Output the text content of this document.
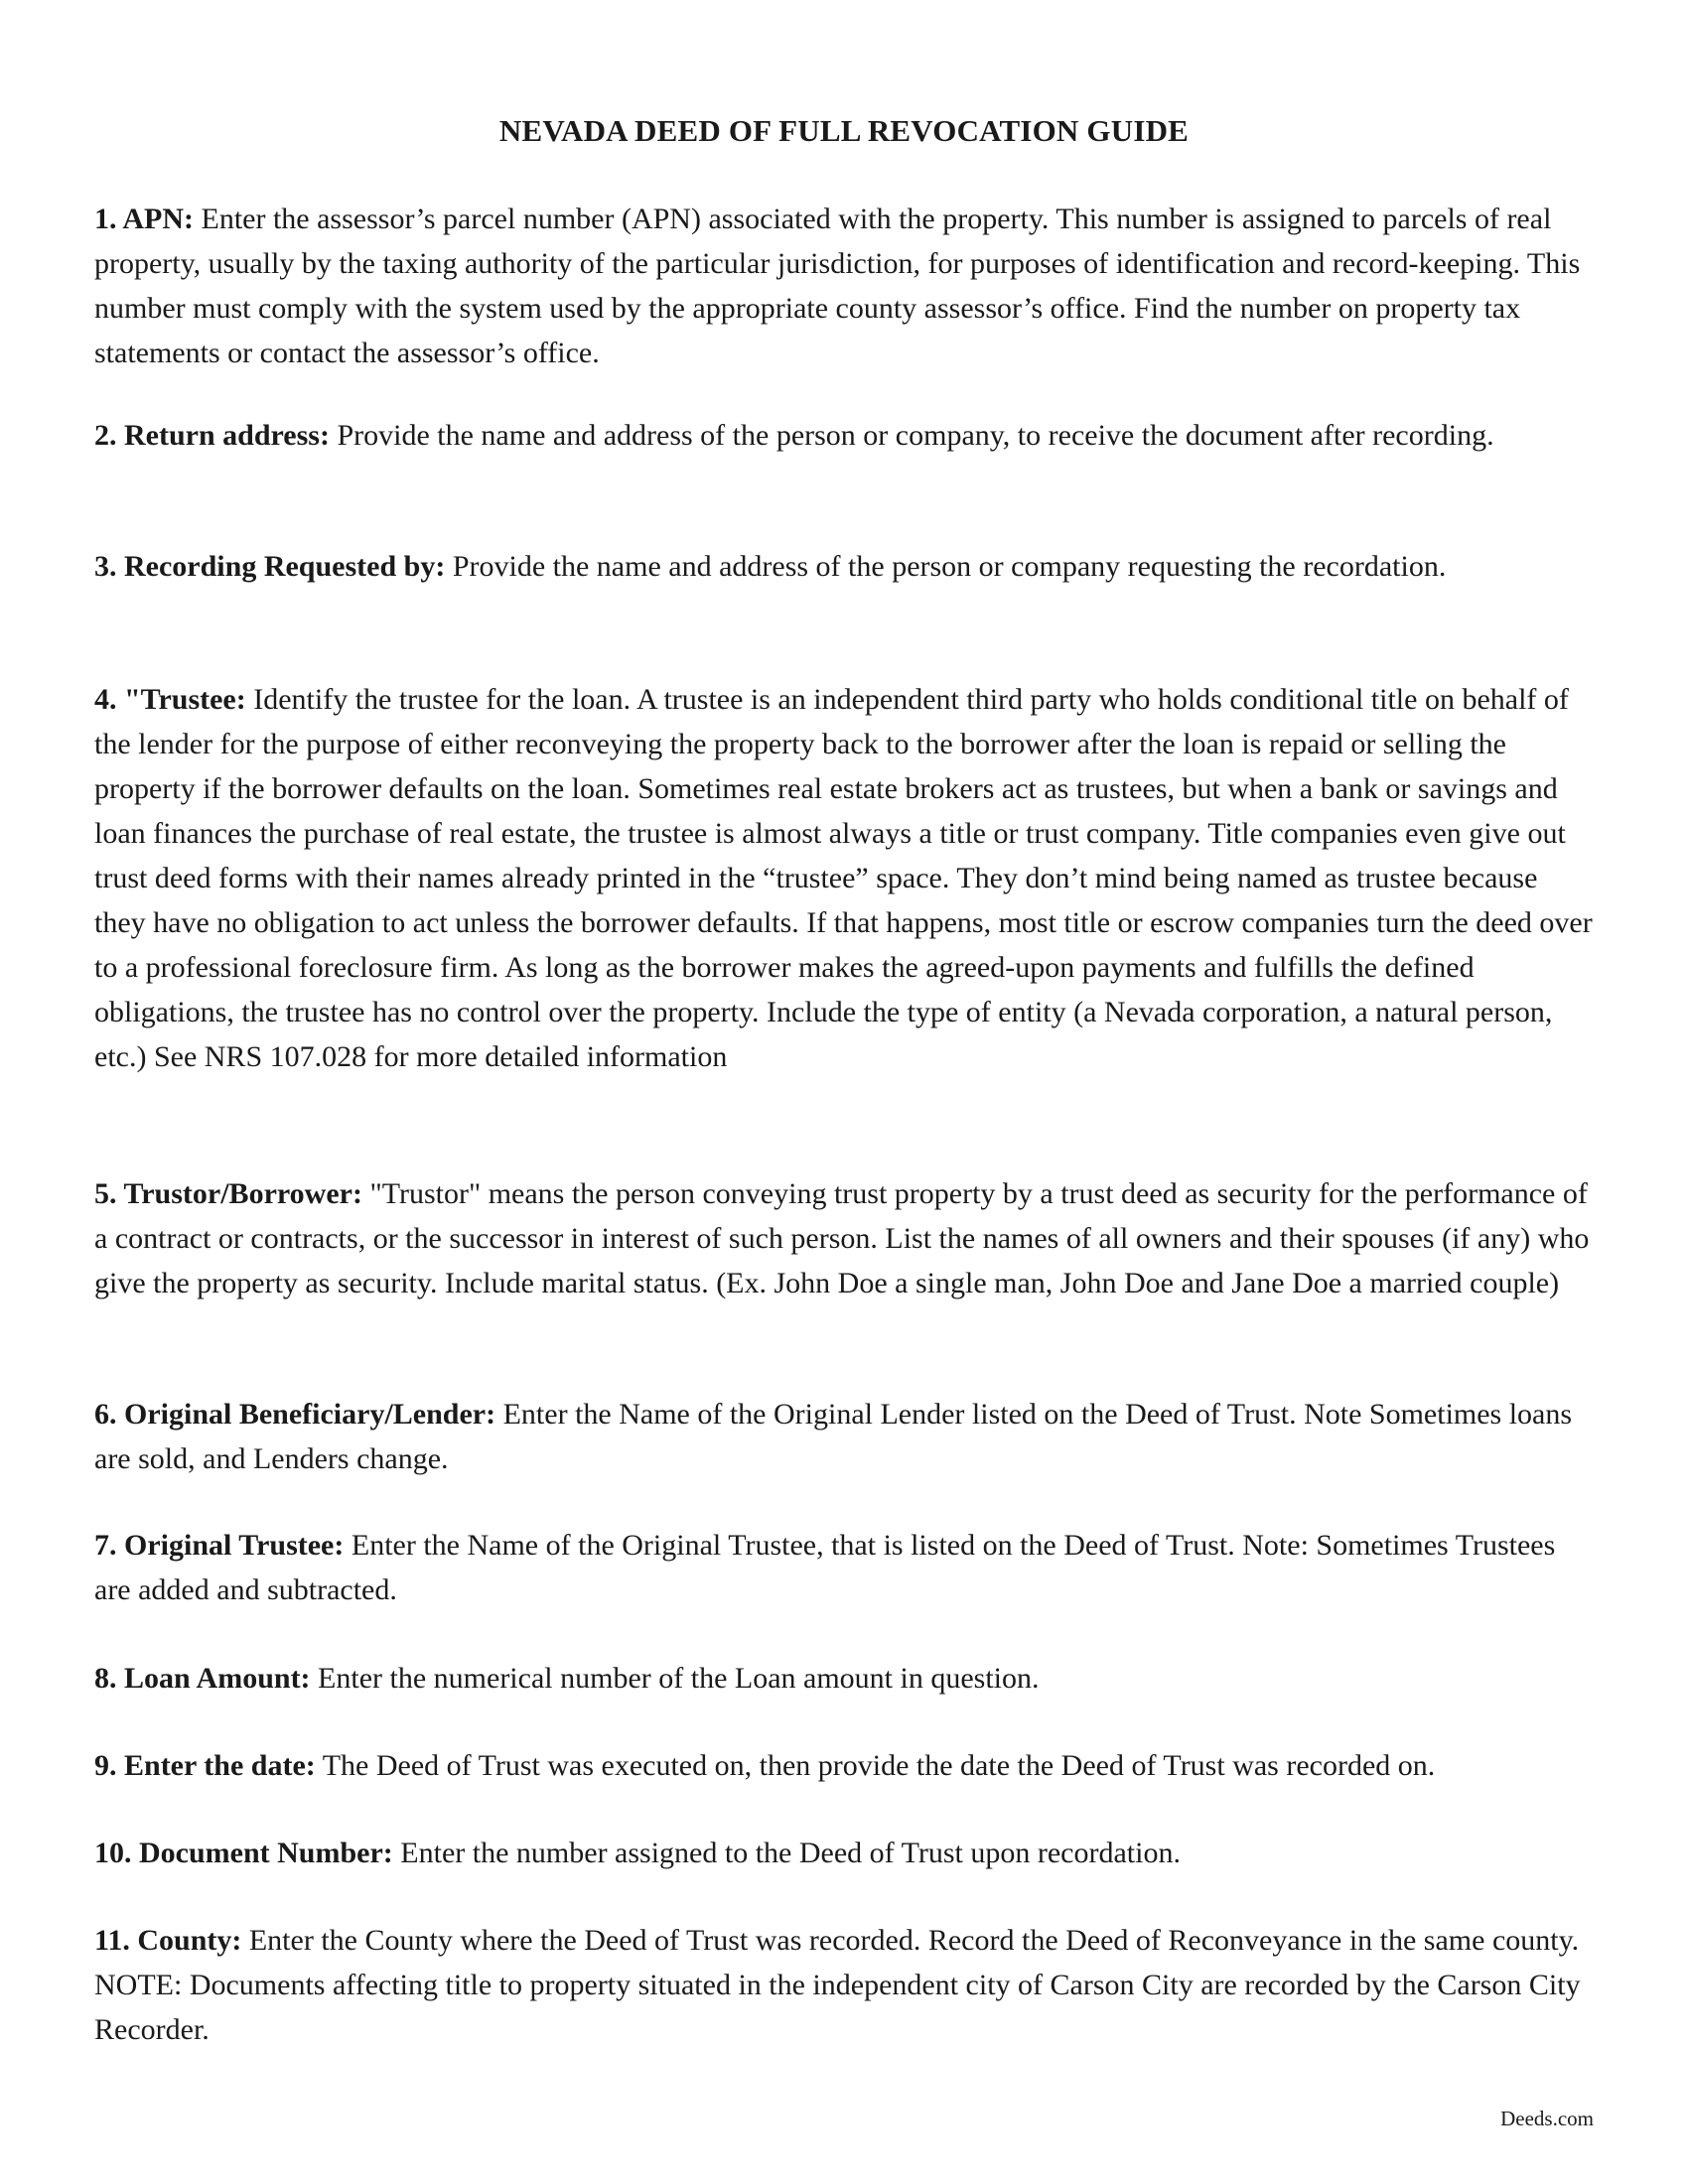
NEVADA DEED OF FULL REVOCATION GUIDE

1. APN: Enter the assessor’s parcel number (APN) associated with the property. This number is assigned to parcels of real property, usually by the taxing authority of the particular jurisdiction, for purposes of identification and record-keeping. This number must comply with the system used by the appropriate county assessor’s office. Find the number on property tax statements or contact the assessor’s office.

2. Return address: Provide the name and address of the person or company, to receive the document after recording.

3. Recording Requested by: Provide the name and address of the person or company requesting the recordation.

4. "Trustee: Identify the trustee for the loan. A trustee is an independent third party who holds conditional title on behalf of the lender for the purpose of either reconveying the property back to the borrower after the loan is repaid or selling the property if the borrower defaults on the loan. Sometimes real estate brokers act as trustees, but when a bank or savings and loan finances the purchase of real estate, the trustee is almost always a title or trust company. Title companies even give out trust deed forms with their names already printed in the “trustee” space. They don’t mind being named as trustee because they have no obligation to act unless the borrower defaults. If that happens, most title or escrow companies turn the deed over to a professional foreclosure firm. As long as the borrower makes the agreed-upon payments and fulfills the defined obligations, the trustee has no control over the property. Include the type of entity (a Nevada corporation, a natural person, etc.) See NRS 107.028 for more detailed information

5. Trustor/Borrower: "Trustor" means the person conveying trust property by a trust deed as security for the performance of a contract or contracts, or the successor in interest of such person. List the names of all owners and their spouses (if any) who give the property as security. Include marital status. (Ex. John Doe a single man, John Doe and Jane Doe a married couple)

6. Original Beneficiary/Lender: Enter the Name of the Original Lender listed on the Deed of Trust. Note Sometimes loans are sold, and Lenders change.

7. Original Trustee: Enter the Name of the Original Trustee, that is listed on the Deed of Trust. Note: Sometimes Trustees are added and subtracted.

8. Loan Amount: Enter the numerical number of the Loan amount in question.

9. Enter the date: The Deed of Trust was executed on, then provide the date the Deed of Trust was recorded on.

10. Document Number: Enter the number assigned to the Deed of Trust upon recordation.

11. County: Enter the County where the Deed of Trust was recorded. Record the Deed of Reconveyance in the same county. NOTE: Documents affecting title to property situated in the independent city of Carson City are recorded by the Carson City Recorder.

Deeds.com
